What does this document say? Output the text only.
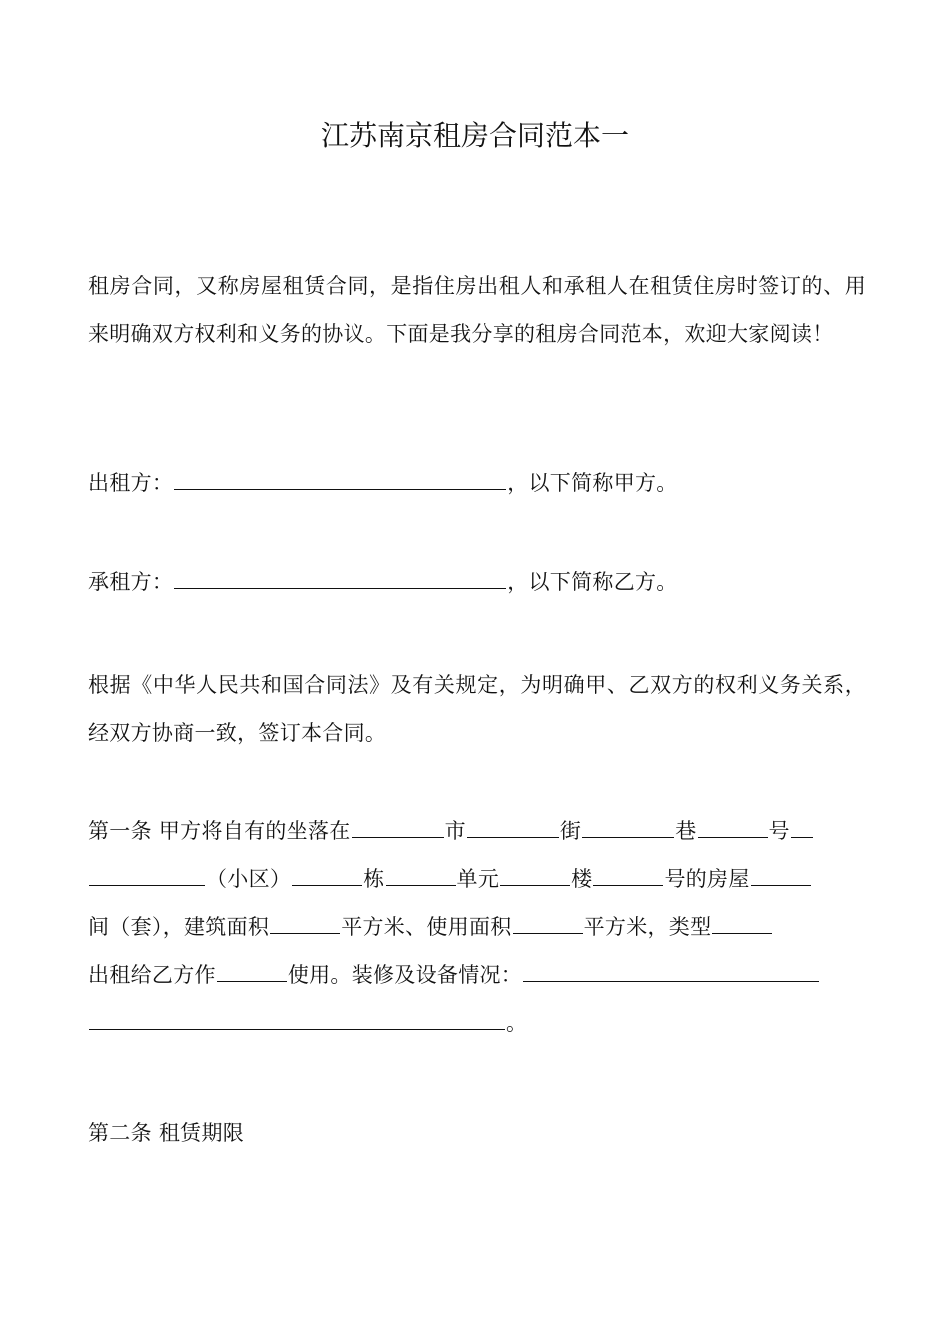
江苏南京租房合同范本一

租房合同，又称房屋租赁合同，是指住房出租人和承租人在租赁住房时签订的、用来明确双方权利和义务的协议。下面是我分享的租房合同范本，欢迎大家阅读！

出租方：	，以下简称甲方。

承租方：	，以下简称乙方。

根据《中华人民共和国合同法》及有关规定，为明确甲、乙双方的权利义务关系，经双方协商一致，签订本合同。

第一条 甲方将自有的坐落在	市	街	巷	号
（小区）	栋	单元	楼	号的房屋
间（套），建筑面积	平方米、使用面积	平方米，类型
出租给乙方作	使用。装修及设备情况：
。

第二条 租赁期限
